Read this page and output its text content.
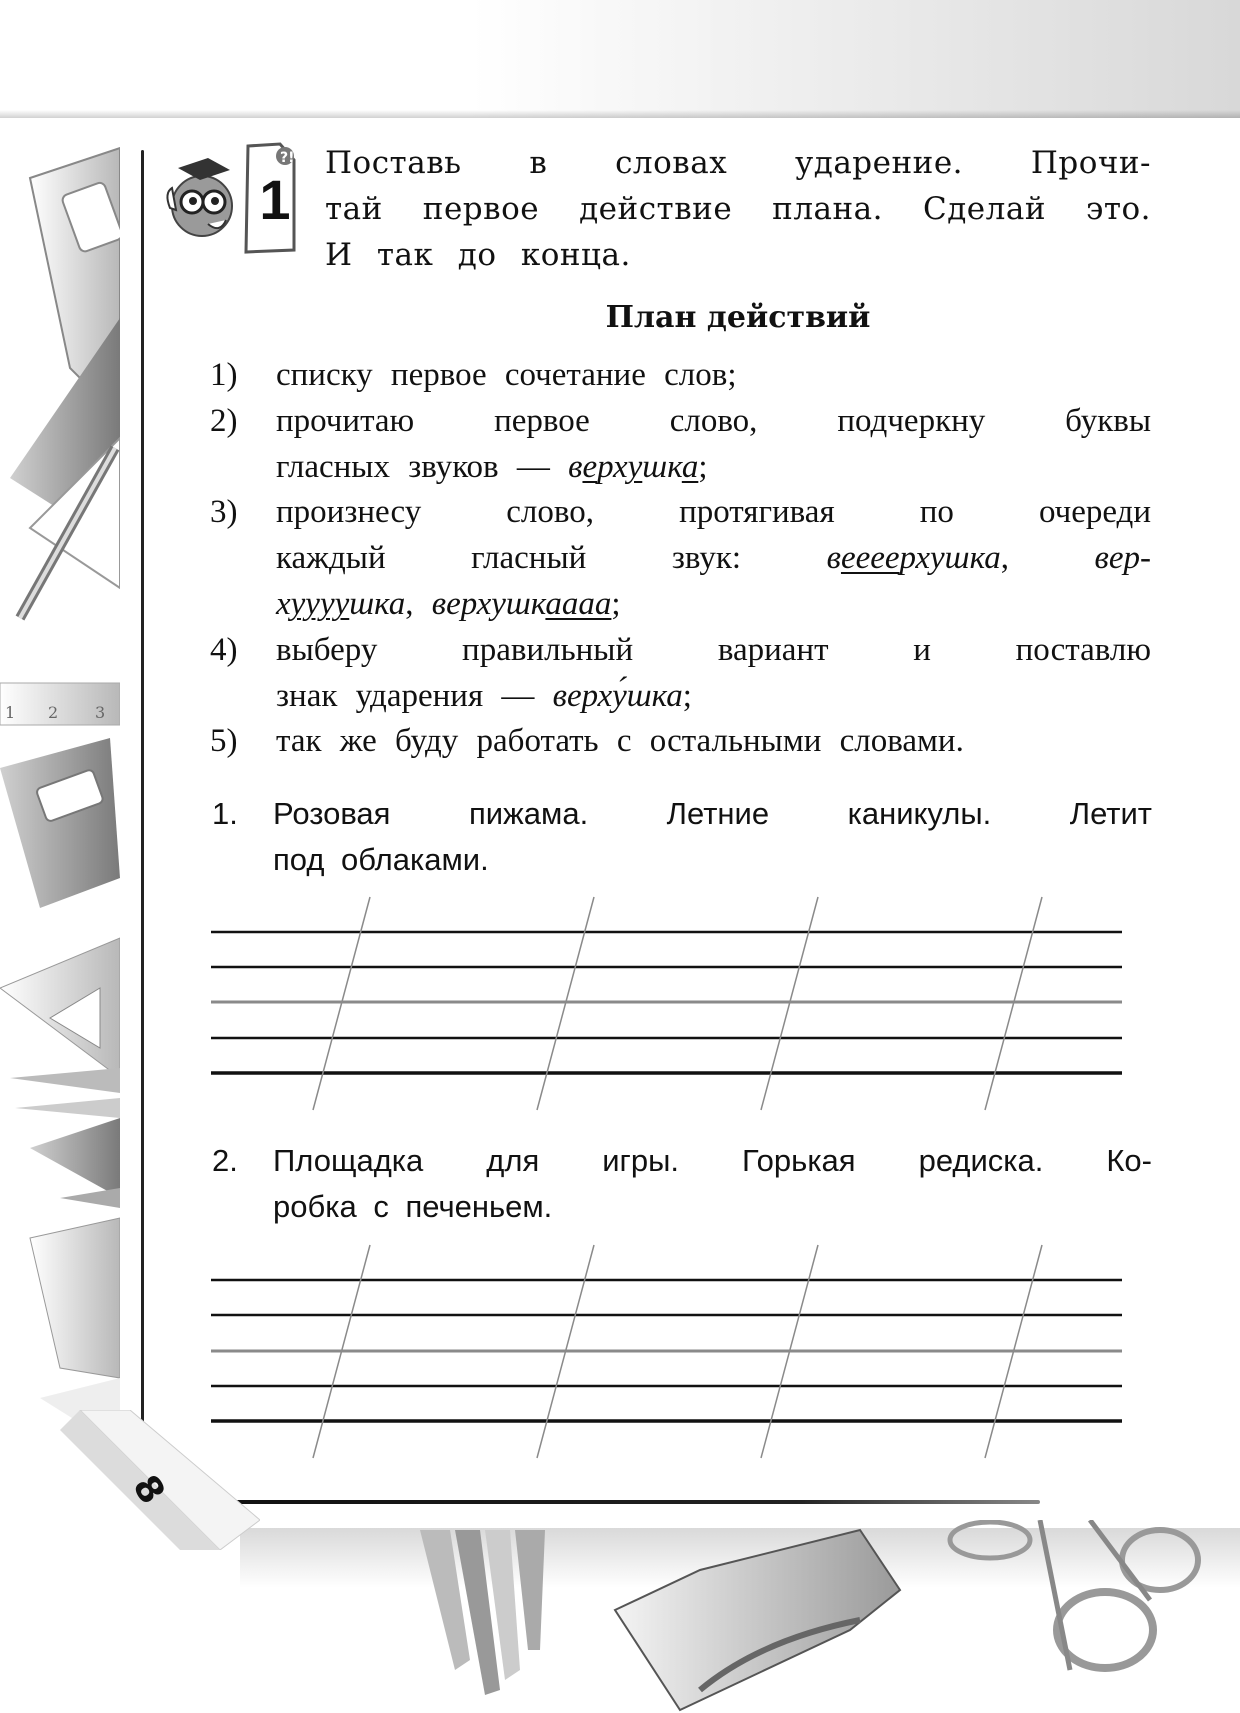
1 2 3
?!
1
Поставь в словах ударение. Прочи-
тай первое действие плана. Сделай это.
И так до конца.
План действий
1) списку первое сочетание слов;
2) прочитаю первое слово, подчеркну буквы
гласных звуков — верхушка;
3) произнесу слово, протягивая по очереди
каждый гласный звук: веееерхушка, вер-
хуууушка, верхушкаааа;
4) выберу правильный вариант и поставлю
знак ударения — верху́шка;
5) так же буду работать с остальными словами.
1. Розовая пижама. Летние каникулы. Летит
под облаками.
2. Площадка для игры. Горькая редиска. Ко-
робка с печеньем.
8
